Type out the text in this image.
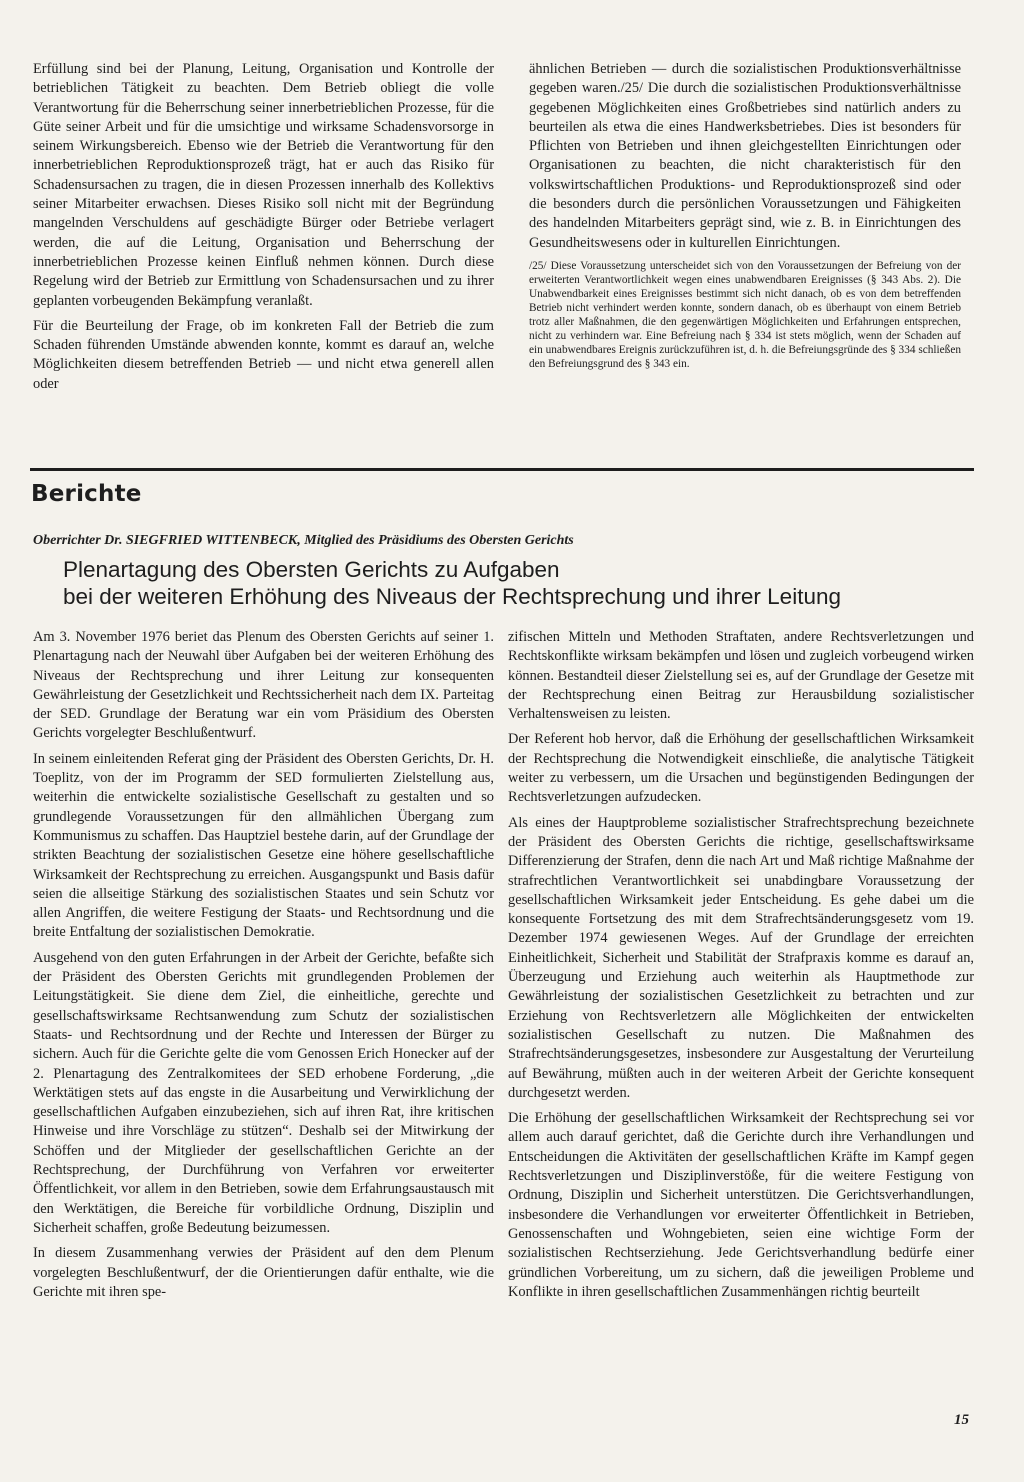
Erfüllung sind bei der Planung, Leitung, Organisation und Kontrolle der betrieblichen Tätigkeit zu beachten. Dem Betrieb obliegt die volle Verantwortung für die Beherrschung seiner innerbetrieblichen Prozesse, für die Güte seiner Arbeit und für die umsichtige und wirksame Schadensvorsorge in seinem Wirkungsbereich. Ebenso wie der Betrieb die Verantwortung für den innerbetrieblichen Reproduktionsprozeß trägt, hat er auch das Risiko für Schadensursachen zu tragen, die in diesen Prozessen innerhalb des Kollektivs seiner Mitarbeiter erwachsen. Dieses Risiko soll nicht mit der Begründung mangelnden Verschuldens auf geschädigte Bürger oder Betriebe verlagert werden, die auf die Leitung, Organisation und Beherrschung der innerbetrieblichen Prozesse keinen Einfluß nehmen können. Durch diese Regelung wird der Betrieb zur Ermittlung von Schadensursachen und zu ihrer geplanten vorbeugenden Bekämpfung veranlaßt.

Für die Beurteilung der Frage, ob im konkreten Fall der Betrieb die zum Schaden führenden Umstände abwenden konnte, kommt es darauf an, welche Möglichkeiten diesem betreffenden Betrieb — und nicht etwa generell allen oder

ähnlichen Betrieben — durch die sozialistischen Produktionsverhältnisse gegeben waren./25/ Die durch die sozialistischen Produktionsverhältnisse gegebenen Möglichkeiten eines Großbetriebes sind natürlich anders zu beurteilen als etwa die eines Handwerksbetriebes. Dies ist besonders für Pflichten von Betrieben und ihnen gleichgestellten Einrichtungen oder Organisationen zu beachten, die nicht charakteristisch für den volkswirtschaftlichen Produktions- und Reproduktionsprozeß sind oder die besonders durch die persönlichen Voraussetzungen und Fähigkeiten des handelnden Mitarbeiters geprägt sind, wie z. B. in Einrichtungen des Gesundheitswesens oder in kulturellen Einrichtungen.

/25/ Diese Voraussetzung unterscheidet sich von den Voraussetzungen der Befreiung von der erweiterten Verantwortlichkeit wegen eines unabwendbaren Ereignisses (§ 343 Abs. 2). Die Unabwendbarkeit eines Ereignisses bestimmt sich nicht danach, ob es von dem betreffenden Betrieb nicht verhindert werden konnte, sondern danach, ob es überhaupt von einem Betrieb trotz aller Maßnahmen, die den gegenwärtigen Möglichkeiten und Erfahrungen entsprechen, nicht zu verhindern war. Eine Befreiung nach § 334 ist stets möglich, wenn der Schaden auf ein unabwendbares Ereignis zurückzuführen ist, d. h. die Befreiungsgründe des § 334 schließen den Befreiungsgrund des § 343 ein.

Berichte
Oberrichter Dr. SIEGFRIED WITTENBECK, Mitglied des Präsidiums des Obersten Gerichts
Plenartagung des Obersten Gerichts zu Aufgaben
bei der weiteren Erhöhung des Niveaus der Rechtsprechung und ihrer Leitung

Am 3. November 1976 beriet das Plenum des Obersten Gerichts auf seiner 1. Plenartagung nach der Neuwahl über Aufgaben bei der weiteren Erhöhung des Niveaus der Rechtsprechung und ihrer Leitung zur konsequenten Gewährleistung der Gesetzlichkeit und Rechtssicherheit nach dem IX. Parteitag der SED. Grundlage der Beratung war ein vom Präsidium des Obersten Gerichts vorgelegter Beschlußentwurf.

In seinem einleitenden Referat ging der Präsident des Obersten Gerichts, Dr. H. Toeplitz, von der im Programm der SED formulierten Zielstellung aus, weiterhin die entwickelte sozialistische Gesellschaft zu gestalten und so grundlegende Voraussetzungen für den allmählichen Übergang zum Kommunismus zu schaffen. Das Hauptziel bestehe darin, auf der Grundlage der strikten Beachtung der sozialistischen Gesetze eine höhere gesellschaftliche Wirksamkeit der Rechtsprechung zu erreichen. Ausgangspunkt und Basis dafür seien die allseitige Stärkung des sozialistischen Staates und sein Schutz vor allen Angriffen, die weitere Festigung der Staats- und Rechtsordnung und die breite Entfaltung der sozialistischen Demokratie.

Ausgehend von den guten Erfahrungen in der Arbeit der Gerichte, befaßte sich der Präsident des Obersten Gerichts mit grundlegenden Problemen der Leitungstätigkeit. Sie diene dem Ziel, die einheitliche, gerechte und gesellschaftswirksame Rechtsanwendung zum Schutz der sozialistischen Staats- und Rechtsordnung und der Rechte und Interessen der Bürger zu sichern. Auch für die Gerichte gelte die vom Genossen Erich Honecker auf der 2. Plenartagung des Zentralkomitees der SED erhobene Forderung, „die Werktätigen stets auf das engste in die Ausarbeitung und Verwirklichung der gesellschaftlichen Aufgaben einzubeziehen, sich auf ihren Rat, ihre kritischen Hinweise und ihre Vorschläge zu stützen“. Deshalb sei der Mitwirkung der Schöffen und der Mitglieder der gesellschaftlichen Gerichte an der Rechtsprechung, der Durchführung von Verfahren vor erweiterter Öffentlichkeit, vor allem in den Betrieben, sowie dem Erfahrungsaustausch mit den Werktätigen, die Bereiche für vorbildliche Ordnung, Disziplin und Sicherheit schaffen, große Bedeutung beizumessen.

In diesem Zusammenhang verwies der Präsident auf den dem Plenum vorgelegten Beschlußentwurf, der die Orientierungen dafür enthalte, wie die Gerichte mit ihren spe-

zifischen Mitteln und Methoden Straftaten, andere Rechtsverletzungen und Rechtskonflikte wirksam bekämpfen und lösen und zugleich vorbeugend wirken können. Bestandteil dieser Zielstellung sei es, auf der Grundlage der Gesetze mit der Rechtsprechung einen Beitrag zur Herausbildung sozialistischer Verhaltensweisen zu leisten.

Der Referent hob hervor, daß die Erhöhung der gesellschaftlichen Wirksamkeit der Rechtsprechung die Notwendigkeit einschließe, die analytische Tätigkeit weiter zu verbessern, um die Ursachen und begünstigenden Bedingungen der Rechtsverletzungen aufzudecken.

Als eines der Hauptprobleme sozialistischer Strafrechtsprechung bezeichnete der Präsident des Obersten Gerichts die richtige, gesellschaftswirksame Differenzierung der Strafen, denn die nach Art und Maß richtige Maßnahme der strafrechtlichen Verantwortlichkeit sei unabdingbare Voraussetzung der gesellschaftlichen Wirksamkeit jeder Entscheidung. Es gehe dabei um die konsequente Fortsetzung des mit dem Strafrechtsänderungsgesetz vom 19. Dezember 1974 gewiesenen Weges. Auf der Grundlage der erreichten Einheitlichkeit, Sicherheit und Stabilität der Strafpraxis komme es darauf an, Überzeugung und Erziehung auch weiterhin als Hauptmethode zur Gewährleistung der sozialistischen Gesetzlichkeit zu betrachten und zur Erziehung von Rechtsverletzern alle Möglichkeiten der entwickelten sozialistischen Gesellschaft zu nutzen. Die Maßnahmen des Strafrechtsänderungsgesetzes, insbesondere zur Ausgestaltung der Verurteilung auf Bewährung, müßten auch in der weiteren Arbeit der Gerichte konsequent durchgesetzt werden.

Die Erhöhung der gesellschaftlichen Wirksamkeit der Rechtsprechung sei vor allem auch darauf gerichtet, daß die Gerichte durch ihre Verhandlungen und Entscheidungen die Aktivitäten der gesellschaftlichen Kräfte im Kampf gegen Rechtsverletzungen und Disziplinverstöße, für die weitere Festigung von Ordnung, Disziplin und Sicherheit unterstützen. Die Gerichtsverhandlungen, insbesondere die Verhandlungen vor erweiterter Öffentlichkeit in Betrieben, Genossenschaften und Wohngebieten, seien eine wichtige Form der sozialistischen Rechtserziehung. Jede Gerichtsverhandlung bedürfe einer gründlichen Vorbereitung, um zu sichern, daß die jeweiligen Probleme und Konflikte in ihren gesellschaftlichen Zusammenhängen richtig beurteilt

15
